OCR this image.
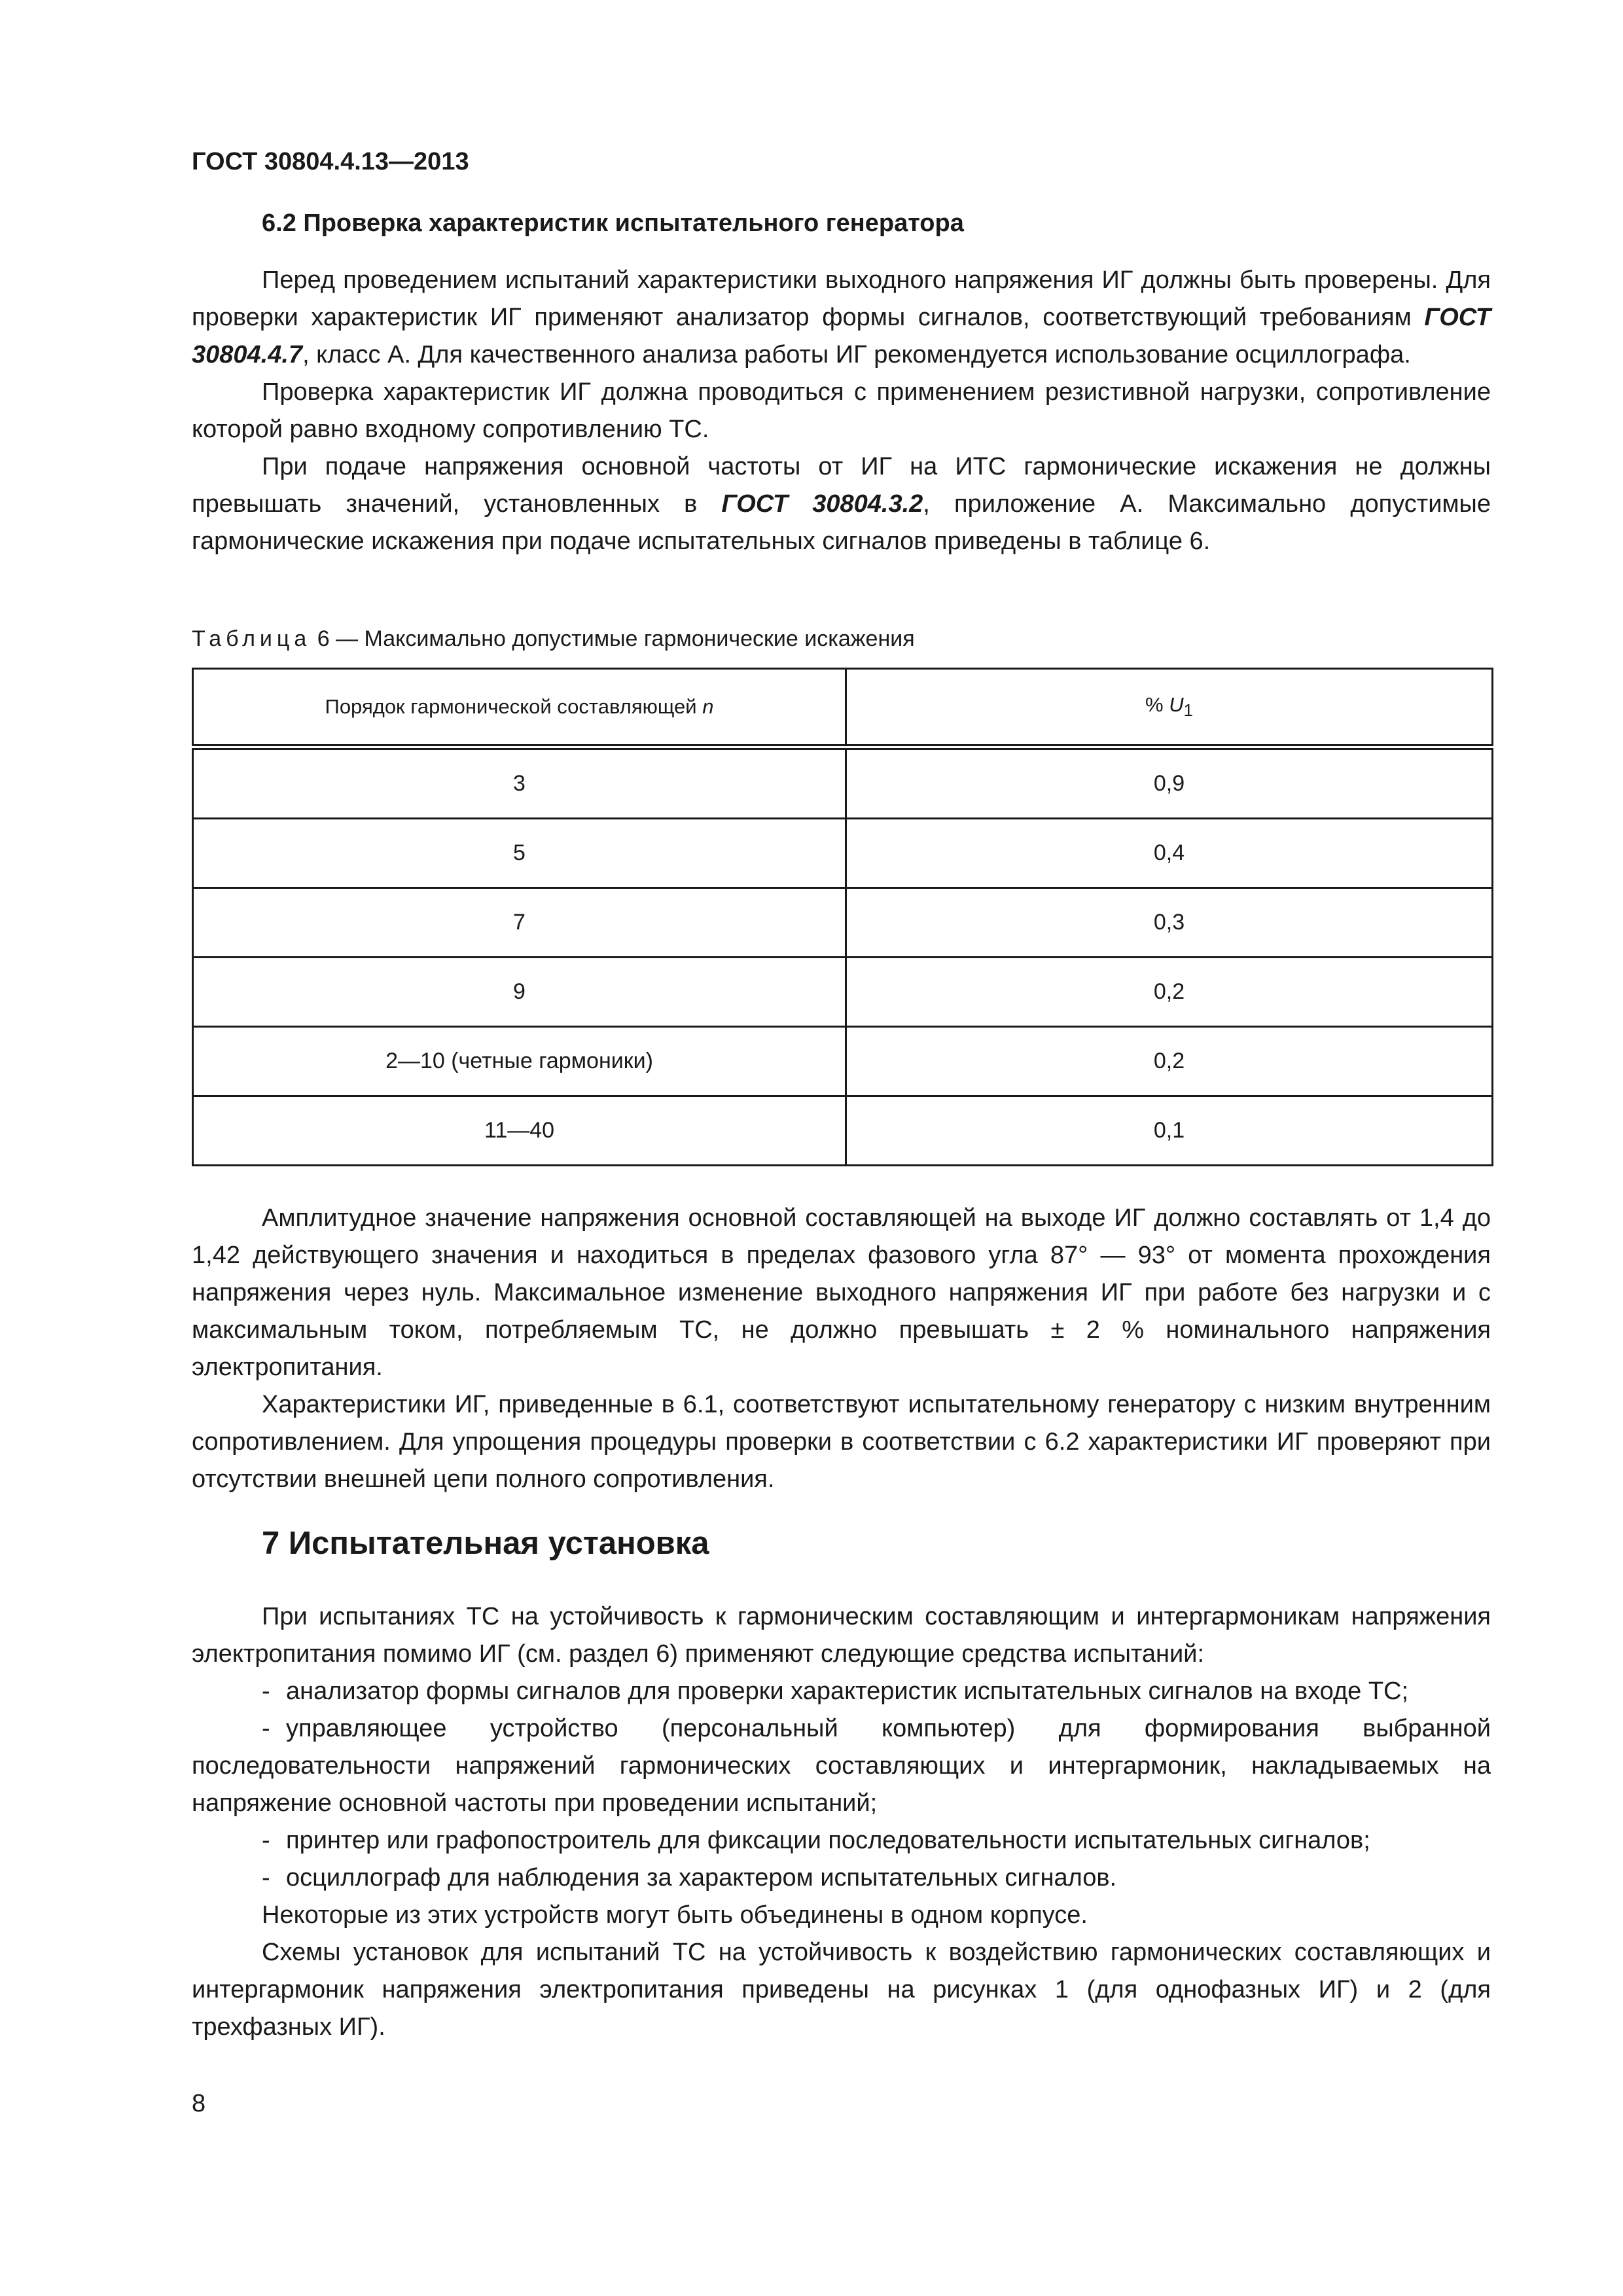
ГОСТ 30804.4.13—2013
6.2 Проверка характеристик испытательного генератора

Перед проведением испытаний характеристики выходного напряжения ИГ должны быть проверены. Для проверки характеристик ИГ применяют анализатор формы сигналов, соответствующий требованиям ГОСТ 30804.4.7, класс А. Для качественного анализа работы ИГ рекомендуется использование осциллографа.

Проверка характеристик ИГ должна проводиться с применением резистивной нагрузки, сопротивление которой равно входному сопротивлению ТС.

При подаче напряжения основной частоты от ИГ на ИТС гармонические искажения не должны превышать значений, установленных в ГОСТ 30804.3.2, приложение А. Максимально допустимые гармонические искажения при подаче испытательных сигналов приведены в таблице 6.

Таблица 6 — Максимально допустимые гармонические искажения
Порядок гармонической составляющей n	% $U_1$
3	0,9
5	0,4
7	0,3
9	0,2
2—10 (четные гармоники)	0,2
11—40	0,1

Амплитудное значение напряжения основной составляющей на выходе ИГ должно составлять от 1,4 до 1,42 действующего значения и находиться в пределах фазового угла 87° — 93° от момента прохождения напряжения через нуль. Максимальное изменение выходного напряжения ИГ при работе без нагрузки и с максимальным током, потребляемым ТС, не должно превышать ± 2 % номинального напряжения электропитания.

Характеристики ИГ, приведенные в 6.1, соответствуют испытательному генератору с низким внутренним сопротивлением. Для упрощения процедуры проверки в соответствии с 6.2 характеристики ИГ проверяют при отсутствии внешней цепи полного сопротивления.

7 Испытательная установка

При испытаниях ТС на устойчивость к гармоническим составляющим и интергармоникам напряжения электропитания помимо ИГ (см. раздел 6) применяют следующие средства испытаний:

- анализатор формы сигналов для проверки характеристик испытательных сигналов на входе ТС;

- управляющее устройство (персональный компьютер) для формирования выбранной последовательности напряжений гармонических составляющих и интергармоник, накладываемых на напряжение основной частоты при проведении испытаний;

- принтер или графопостроитель для фиксации последовательности испытательных сигналов;
- осциллограф для наблюдения за характером испытательных сигналов.

Некоторые из этих устройств могут быть объединены в одном корпусе.

Схемы установок для испытаний ТС на устойчивость к воздействию гармонических составляющих и интергармоник напряжения электропитания приведены на рисунках 1 (для однофазных ИГ) и 2 (для трехфазных ИГ).

8
